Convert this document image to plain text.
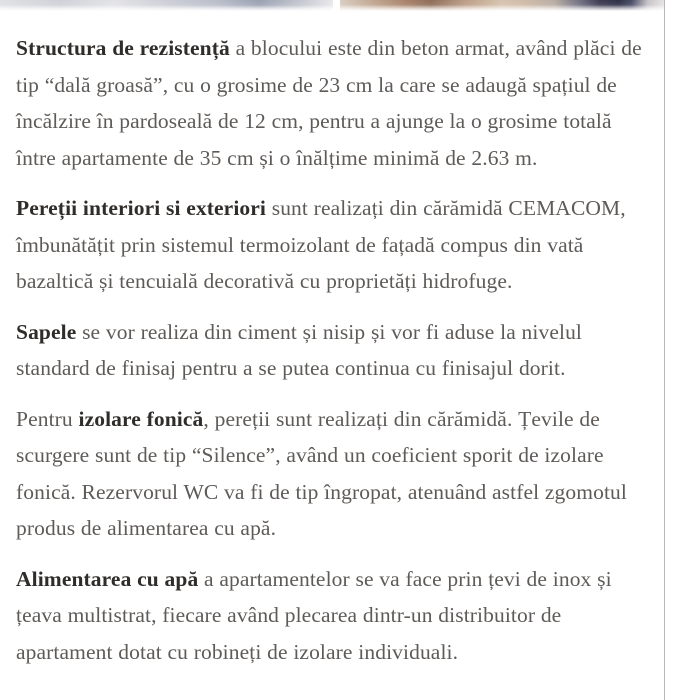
Structura de rezistență a blocului este din beton armat, având plăci de tip “dală groasă”, cu o grosime de 23 cm la care se adaugă spațiul de încălzire în pardoseală de 12 cm, pentru a ajunge la o grosime totală între apartamente de 35 cm și o înălțime minimă de 2.63 m.

Pereții interiori si exteriori sunt realizați din cărămidă CEMACOM, îmbunătățit prin sistemul termoizolant de fațadă compus din vată bazaltică și tencuială decorativă cu proprietăți hidrofuge.

Sapele se vor realiza din ciment și nisip și vor fi aduse la nivelul standard de finisaj pentru a se putea continua cu finisajul dorit.

Pentru izolare fonică, pereții sunt realizați din cărămidă. Țevile de scurgere sunt de tip “Silence”, având un coeficient sporit de izolare fonică. Rezervorul WC va fi de tip îngropat, atenuând astfel zgomotul produs de alimentarea cu apă.

Alimentarea cu apă a apartamentelor se va face prin țevi de inox și țeava multistrat, fiecare având plecarea dintr-un distribuitor de apartament dotat cu robineți de izolare individuali.
